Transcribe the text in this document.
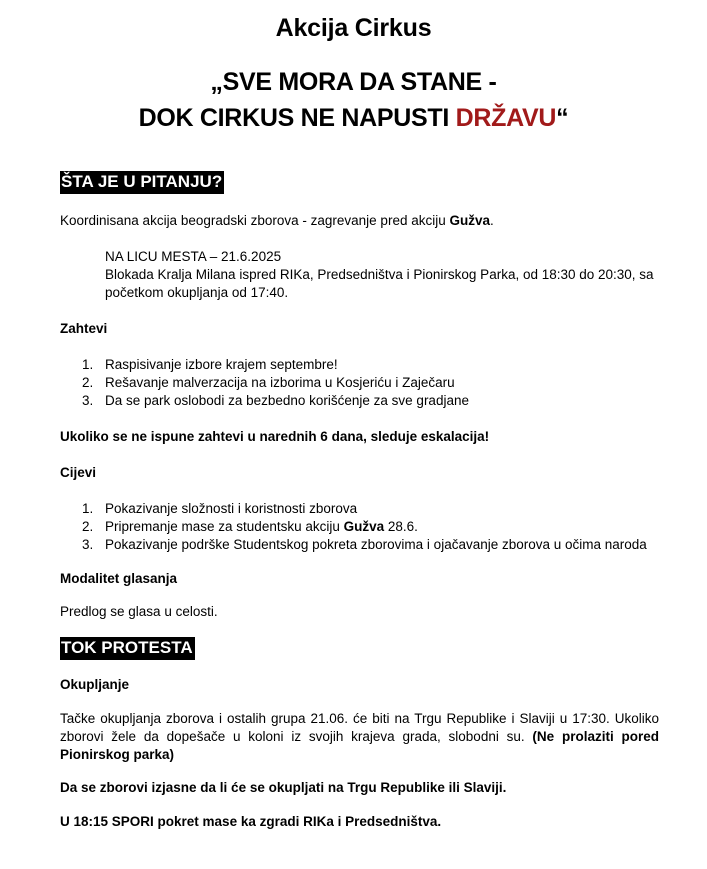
Akcija Cirkus
„SVE MORA DA STANE -
DOK CIRKUS NE NAPUSTI DRŽAVU“
ŠTA JE U PITANJU?
Koordinisana akcija beogradski zborova - zagrevanje pred akciju Gužva.
NA LICU MESTA – 21.6.2025
Blokada Kralja Milana ispred RIKa, Predsedništva i Pionirskog Parka, od 18:30 do 20:30, sa
početkom okupljanja od 17:40.
Zahtevi
1. Raspisivanje izbore krajem septembre!
2. Rešavanje malverzacija na izborima u Kosjeriću i Zaječaru
3. Da se park oslobodi za bezbedno korišćenje za sve gradjane
Ukoliko se ne ispune zahtevi u narednih 6 dana, sleduje eskalacija!
Cijevi
1. Pokazivanje složnosti i koristnosti zborova
2. Pripremanje mase za studentsku akciju Gužva 28.6.
3. Pokazivanje podrške Studentskog pokreta zborovima i ojačavanje zborova u očima naroda
Modalitet glasanja
Predlog se glasa u celosti.
TOK PROTESTA
Okupljanje
Tačke okupljanja zborova i ostalih grupa 21.06. će biti na Trgu Republike i Slaviji u 17:30. Ukoliko zborovi žele da dopešače u koloni iz svojih krajeva grada, slobodni su. (Ne prolaziti pored Pionirskog parka)
Da se zborovi izjasne da li će se okupljati na Trgu Republike ili Slaviji.
U 18:15 SPORI pokret mase ka zgradi RIKa i Predsedništva.
